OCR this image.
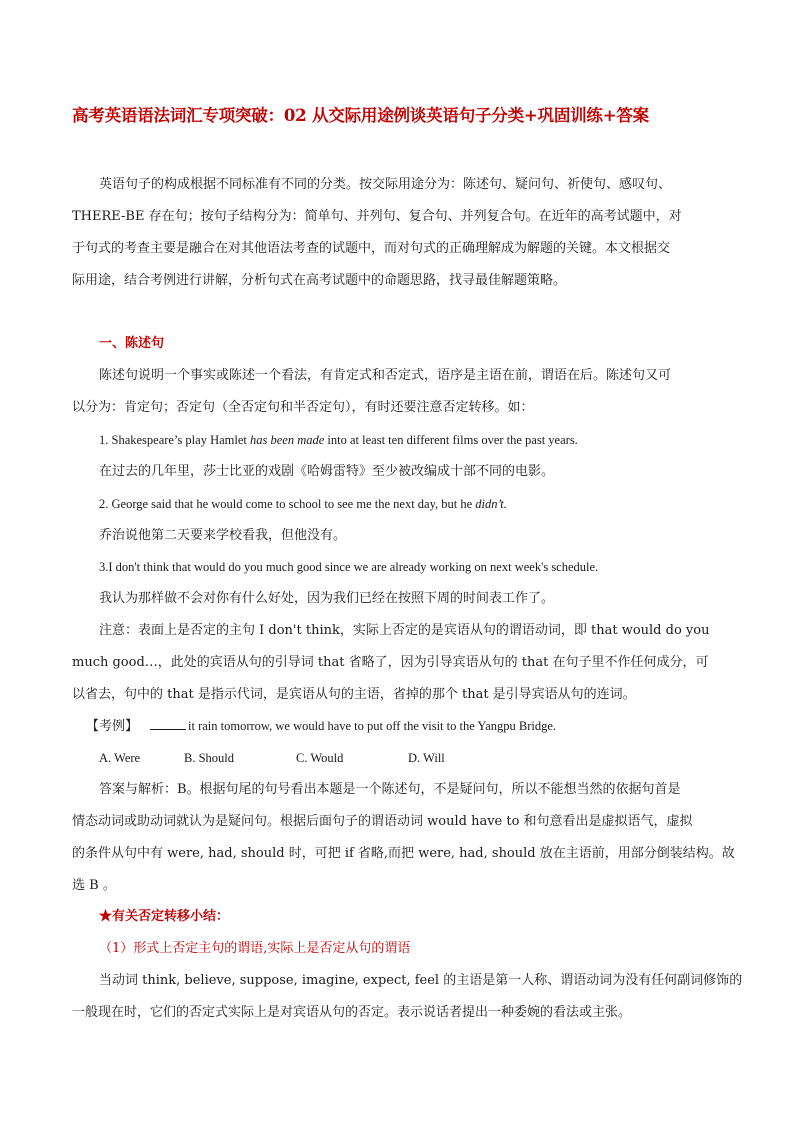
高考英语语法词汇专项突破：02 从交际用途例谈英语句子分类+巩固训练+答案
英语句子的构成根据不同标准有不同的分类。按交际用途分为：陈述句、疑问句、祈使句、感叹句、
THERE-BE 存在句；按句子结构分为：简单句、并列句、复合句、并列复合句。在近年的高考试题中，对
于句式的考查主要是融合在对其他语法考查的试题中，而对句式的正确理解成为解题的关键。本文根据交
际用途，结合考例进行讲解，分析句式在高考试题中的命题思路，找寻最佳解题策略。
一、陈述句
陈述句说明一个事实或陈述一个看法，有肯定式和否定式，语序是主语在前，谓语在后。陈述句又可
以分为：肯定句；否定句（全否定句和半否定句），有时还要注意否定转移。如：
1. Shakespeare’s play Hamlet has been made into at least ten different films over the past years.
在过去的几年里，莎士比亚的戏剧《哈姆雷特》至少被改编成十部不同的电影。
2. George said that he would come to school to see me the next day, but he didn’t.
乔治说他第二天要来学校看我，但他没有。
3.I don't think that would do you much good since we are already working on next week's schedule.
我认为那样做不会对你有什么好处，因为我们已经在按照下周的时间表工作了。
注意：表面上是否定的主句 I don't think，实际上否定的是宾语从句的谓语动词，即 that would do you
much good…，此处的宾语从句的引导词 that 省略了，因为引导宾语从句的 that 在句子里不作任何成分，可
以省去，句中的 that 是指示代词，是宾语从句的主语，省掉的那个 that 是引导宾语从句的连词。
【考例】	it rain tomorrow, we would have to put off the visit to the Yangpu Bridge.
A. Were	B. Should	C. Would	D. Will
答案与解析：B。根据句尾的句号看出本题是一个陈述句，不是疑问句，所以不能想当然的依据句首是
情态动词或助动词就认为是疑问句。根据后面句子的谓语动词 would have to 和句意看出是虚拟语气，虚拟
的条件从句中有 were, had, should 时，可把 if 省略,而把 were, had, should 放在主语前，用部分倒装结构。故
选 B 。
★有关否定转移小结：
（1）形式上否定主句的谓语,实际上是否定从句的谓语
当动词 think, believe, suppose, imagine, expect, feel 的主语是第一人称、谓语动词为没有任何副词修饰的
一般现在时，它们的否定式实际上是对宾语从句的否定。表示说话者提出一种委婉的看法或主张。
